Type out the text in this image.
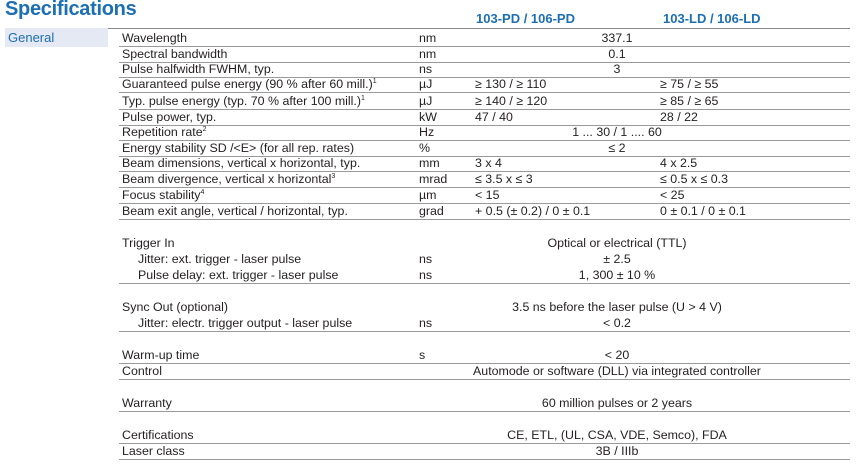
Specifications	103-PD / 106-PD	103-LD / 106-LD
General	Wavelength	nm	337.1
Spectral bandwidth	nm	0.1
Pulse halfwidth FWHM, typ.	ns	3
Guaranteed pulse energy (90 % after 60 mill.)$^1$	µJ	≥ 130 / ≥ 110	≥ 75 / ≥ 55
Typ. pulse energy (typ. 70 % after 100 mill.)$^1$	µJ	≥ 140 / ≥ 120	≥ 85 / ≥ 65
Pulse power, typ.	kW	47 / 40	28 / 22
Repetition rate$^2$	Hz	1 ... 30 / 1 .... 60
Energy stability SD /<E> (for all rep. rates)	%	≤ 2
Beam dimensions, vertical x horizontal, typ.	mm	3 x 4	4 x 2.5
Beam divergence, vertical x horizontal$^3$	mrad ≤ 3.5 x ≤ 3	≤ 0.5 x ≤ 0.3
Focus stability$^4$	µm	< 15	< 25
Beam exit angle, vertical / horizontal, typ.	grad	+ 0.5 (± 0.2) / 0 ± 0.1	0 ± 0.1 / 0 ± 0.1
Trigger In	Optical or electrical (TTL)
Jitter: ext. trigger - laser pulse	ns	± 2.5
Pulse delay: ext. trigger - laser pulse	ns	1, 300 ± 10 %
Sync Out (optional)	3.5 ns before the laser pulse (U > 4 V)
Jitter: electr. trigger output - laser pulse	ns	< 0.2
Warm-up time	s	< 20
Control	Automode or software (DLL) via integrated controller
Warranty	60 million pulses or 2 years
Certifications	CE, ETL, (UL, CSA, VDE, Semco), FDA
Laser class	3B / IIIb
